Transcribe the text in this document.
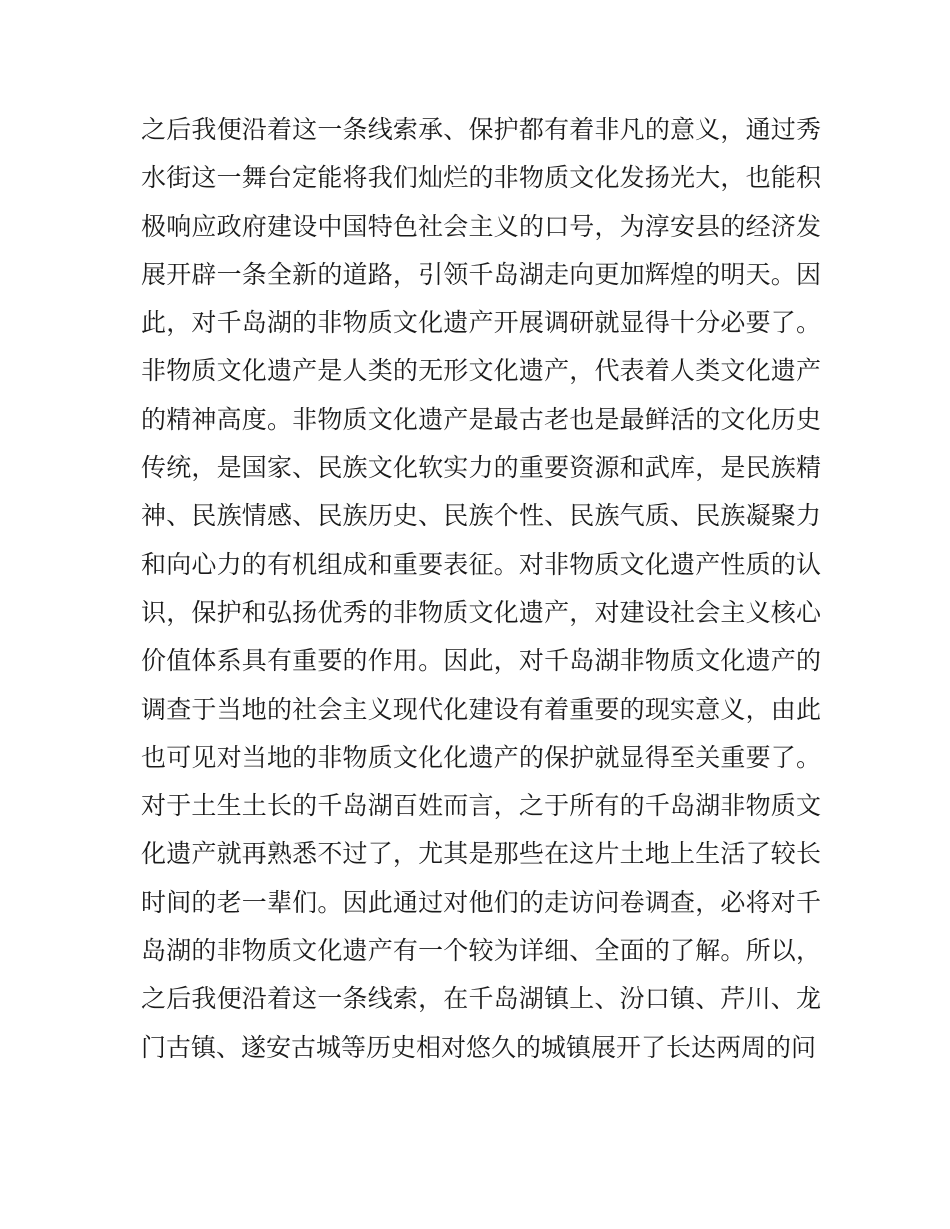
之后我便沿着这一条线索承、保护都有着非凡的意义，通过秀
水街这一舞台定能将我们灿烂的非物质文化发扬光大，也能积
极响应政府建设中国特色社会主义的口号，为淳安县的经济发
展开辟一条全新的道路，引领千岛湖走向更加辉煌的明天。因
此，对千岛湖的非物质文化遗产开展调研就显得十分必要了。
非物质文化遗产是人类的无形文化遗产，代表着人类文化遗产
的精神高度。非物质文化遗产是最古老也是最鲜活的文化历史
传统，是国家、民族文化软实力的重要资源和武库，是民族精
神、民族情感、民族历史、民族个性、民族气质、民族凝聚力
和向心力的有机组成和重要表征。对非物质文化遗产性质的认
识，保护和弘扬优秀的非物质文化遗产，对建设社会主义核心
价值体系具有重要的作用。因此，对千岛湖非物质文化遗产的
调查于当地的社会主义现代化建设有着重要的现实意义，由此
也可见对当地的非物质文化化遗产的保护就显得至关重要了。
对于土生土长的千岛湖百姓而言，之于所有的千岛湖非物质文
化遗产就再熟悉不过了，尤其是那些在这片土地上生活了较长
时间的老一辈们。因此通过对他们的走访问卷调查，必将对千
岛湖的非物质文化遗产有一个较为详细、全面的了解。所以，
之后我便沿着这一条线索，在千岛湖镇上、汾口镇、芹川、龙
门古镇、遂安古城等历史相对悠久的城镇展开了长达两周的问
